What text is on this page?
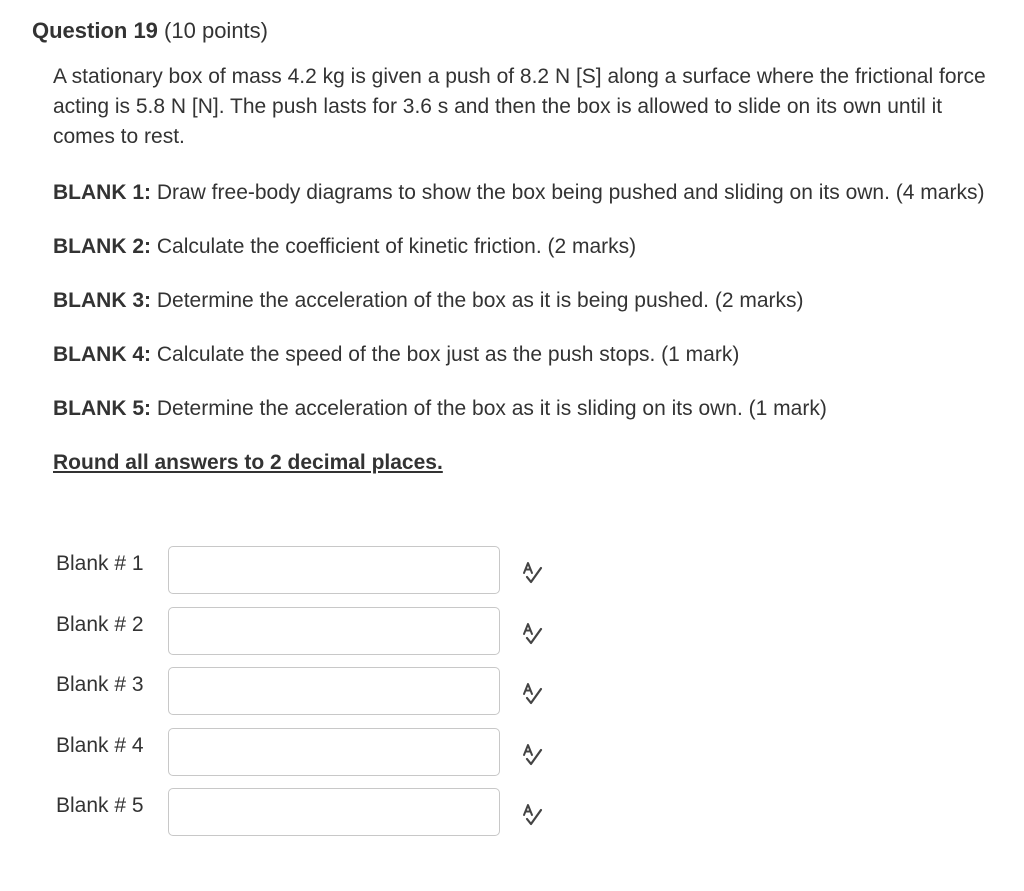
Question 19 (10 points)

A stationary box of mass 4.2 kg is given a push of 8.2 N [S] along a surface where the frictional force acting is 5.8 N [N]. The push lasts for 3.6 s and then the box is allowed to slide on its own until it comes to rest.

BLANK 1: Draw free-body diagrams to show the box being pushed and sliding on its own. (4 marks)

BLANK 2: Calculate the coefficient of kinetic friction. (2 marks)

BLANK 3: Determine the acceleration of the box as it is being pushed. (2 marks)

BLANK 4: Calculate the speed of the box just as the push stops. (1 mark)

BLANK 5: Determine the acceleration of the box as it is sliding on its own. (1 mark)

Round all answers to 2 decimal places.

Blank # 1
Blank # 2
Blank # 3
Blank # 4
Blank # 5
